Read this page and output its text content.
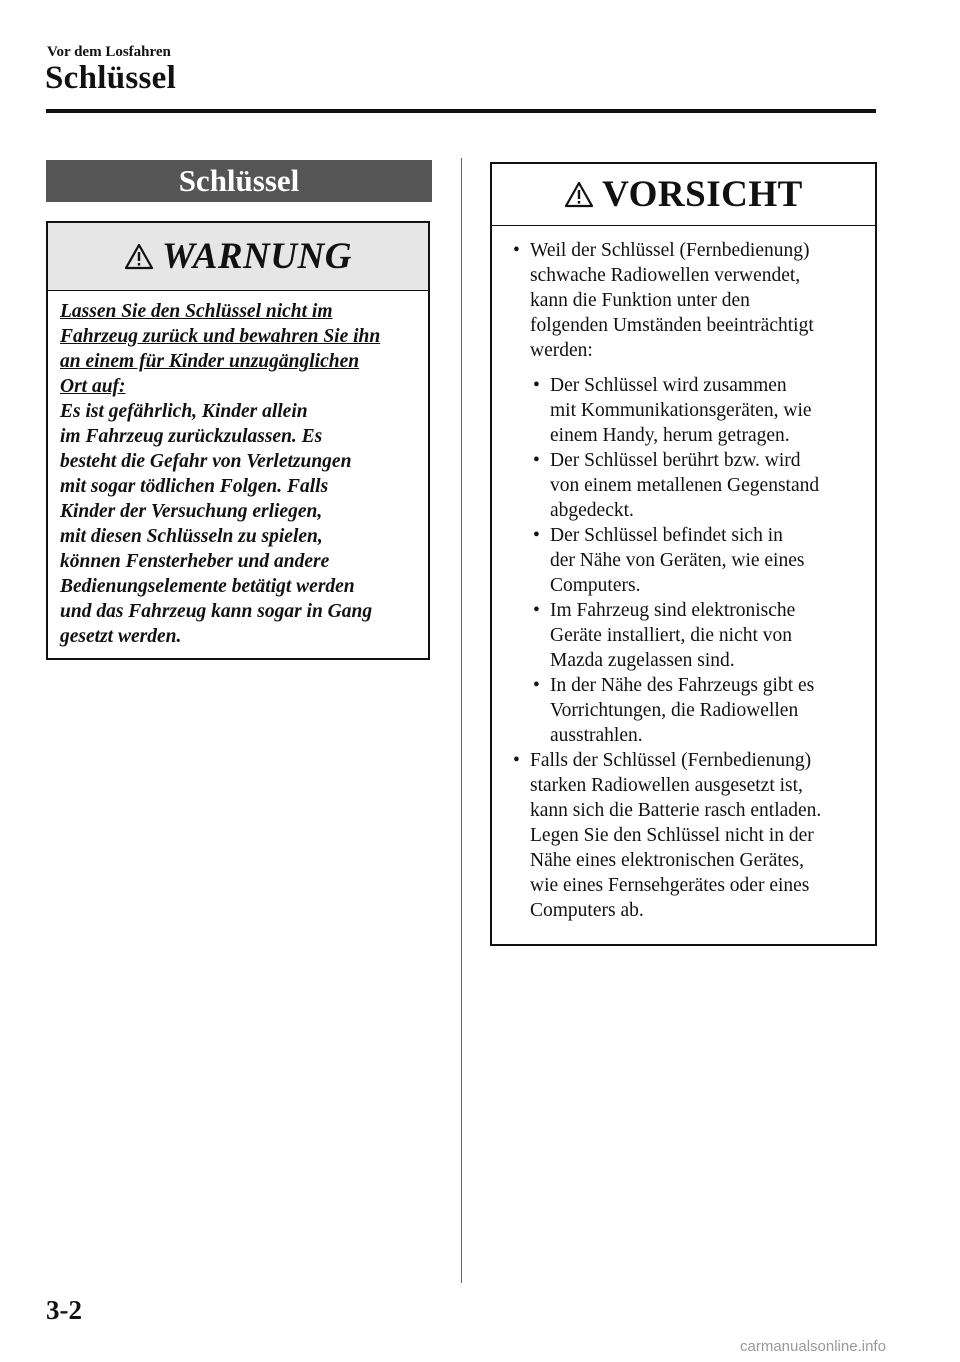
Vor dem Losfahren
Schlüssel
Schlüssel
WARNUNG
Lassen Sie den Schlüssel nicht im
Fahrzeug zurück und bewahren Sie ihn
an einem für Kinder unzugänglichen
Ort auf:
Es ist gefährlich, Kinder allein
im Fahrzeug zurückzulassen. Es
besteht die Gefahr von Verletzungen
mit sogar tödlichen Folgen. Falls
Kinder der Versuchung erliegen,
mit diesen Schlüsseln zu spielen,
können Fensterheber und andere
Bedienungselemente betätigt werden
und das Fahrzeug kann sogar in Gang
gesetzt werden.
VORSICHT
• Weil der Schlüssel (Fernbedienung)
schwache Radiowellen verwendet,
kann die Funktion unter den
folgenden Umständen beeinträchtigt
werden:
• Der Schlüssel wird zusammen
mit Kommunikationsgeräten, wie
einem Handy, herum getragen.
• Der Schlüssel berührt bzw. wird
von einem metallenen Gegenstand
abgedeckt.
• Der Schlüssel befindet sich in
der Nähe von Geräten, wie eines
Computers.
• Im Fahrzeug sind elektronische
Geräte installiert, die nicht von
Mazda zugelassen sind.
• In der Nähe des Fahrzeugs gibt es
Vorrichtungen, die Radiowellen
ausstrahlen.
• Falls der Schlüssel (Fernbedienung)
starken Radiowellen ausgesetzt ist,
kann sich die Batterie rasch entladen.
Legen Sie den Schlüssel nicht in der
Nähe eines elektronischen Gerätes,
wie eines Fernsehgerätes oder eines
Computers ab.
3-2
carmanualsonline.info
